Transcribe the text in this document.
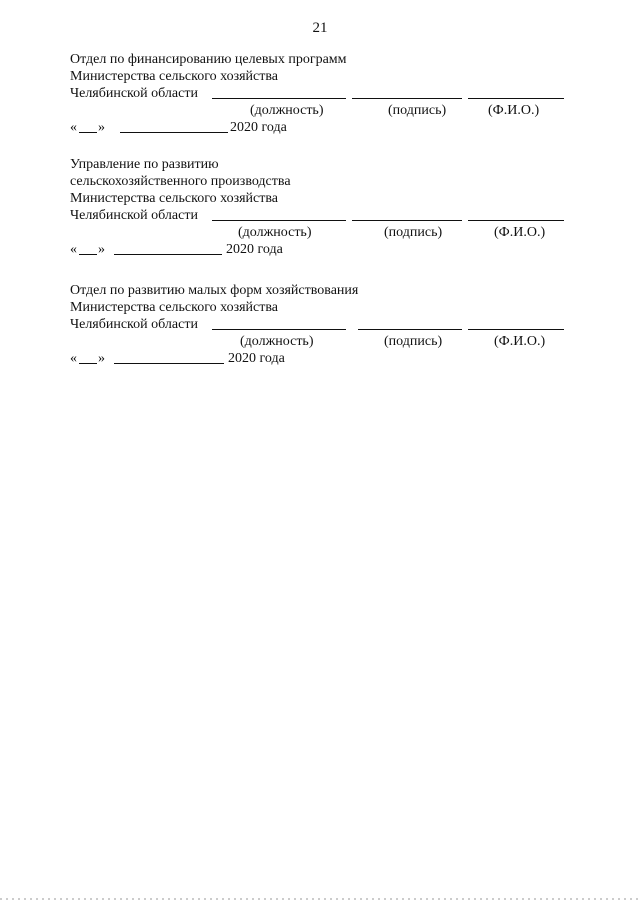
21
Отдел по финансированию целевых программ
Министерства сельского хозяйства
Челябинской области
(должность)	(подпись)	(Ф.И.О.)
« »	2020 года
Управление по развитию
сельскохозяйственного производства
Министерства сельского хозяйства
Челябинской области
(должность)	(подпись)	(Ф.И.О.)
« »	2020 года
Отдел по развитию малых форм хозяйствования
Министерства сельского хозяйства
Челябинской области
(должность)	(подпись)	(Ф.И.О.)
« »	2020 года
